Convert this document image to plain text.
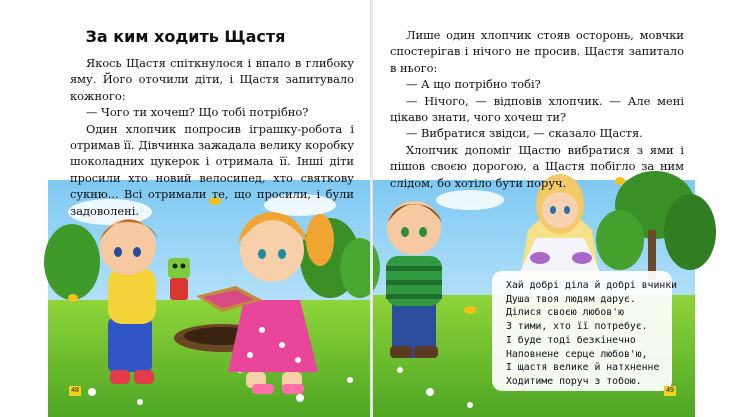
За ким ходить Щастя

Якось Щастя спіткнулося і впало в глибоку яму. Його оточили діти, і Щастя запитувало кожного:

— Чого ти хочеш? Що тобі потрібно?

Один хлопчик попросив іграшку-робота і отримав її. Дівчинка зажадала велику коробку шоколадних цукерок і отримала її. Інші діти просили хто новий велосипед, хто святкову сукню... Всі отримали те, що просили, і були задоволені.

48

Лише один хлопчик стояв осторонь, мовчки спостерігав і нічого не просив. Щастя запитало в нього:

— А що потрібно тобі?

— Нічого, — відповів хлопчик. — Але мені цікаво знати, чого хочеш ти?

— Вибратися звідси, — сказало Щастя.

Хлопчик допоміг Щастю вибратися з ями і пішов своєю дорогою, а Щастя побігло за ним слідом, бо хотіло бути поруч.

Хай добрі діла й добрі вчинки
Душа твоя людям дарує.
Ділися своєю любов'ю
З тими, хто її потребує.
І буде тоді безкінечно
Наповнене серце любов'ю,
І щастя велике й натхненне
Ходитиме поруч з тобою.
49
